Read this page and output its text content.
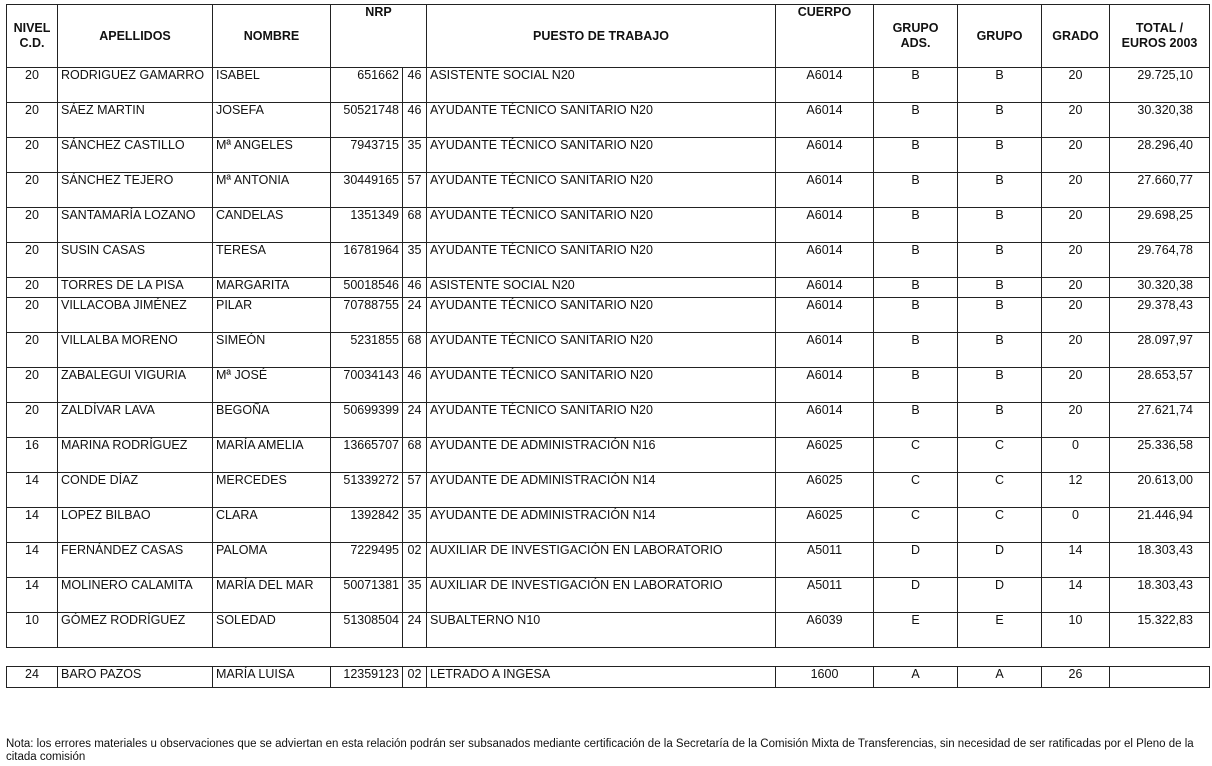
NIVEL C.D.	APELLIDOS	NOMBRE	NRP		PUESTO DE TRABAJO	CUERPO	GRUPO ADS.	GRUPO	GRADO	TOTAL / EUROS 2003
20	RODRIGUEZ GAMARRO	ISABEL	651662	46	ASISTENTE SOCIAL N20	A6014	B	B	20	29.725,10
20	SÁEZ MARTIN	JOSEFA	50521748	46	AYUDANTE TÉCNICO SANITARIO N20	A6014	B	B	20	30.320,38
20	SÁNCHEZ CASTILLO	Mª ANGELES	7943715	35	AYUDANTE TÉCNICO SANITARIO N20	A6014	B	B	20	28.296,40
20	SÁNCHEZ TEJERO	Mª ANTONIA	30449165	57	AYUDANTE TÉCNICO SANITARIO N20	A6014	B	B	20	27.660,77
20	SANTAMARÍA LOZANO	CANDELAS	1351349	68	AYUDANTE TÉCNICO SANITARIO N20	A6014	B	B	20	29.698,25
20	SUSIN CASAS	TERESA	16781964	35	AYUDANTE TÉCNICO SANITARIO N20	A6014	B	B	20	29.764,78
20	TORRES DE LA PISA	MARGARITA	50018546	46	ASISTENTE SOCIAL N20	A6014	B	B	20	30.320,38
20	VILLACOBA JIMÉNEZ	PILAR	70788755	24	AYUDANTE TÉCNICO SANITARIO N20	A6014	B	B	20	29.378,43
20	VILLALBA MORENO	SIMEÓN	5231855	68	AYUDANTE TÉCNICO SANITARIO N20	A6014	B	B	20	28.097,97
20	ZABALEGUI VIGURIA	Mª JOSÉ	70034143	46	AYUDANTE TÉCNICO SANITARIO N20	A6014	B	B	20	28.653,57
20	ZALDÍVAR LAVA	BEGOÑA	50699399	24	AYUDANTE TÉCNICO SANITARIO N20	A6014	B	B	20	27.621,74
16	MARINA RODRÍGUEZ	MARÍA AMELIA	13665707	68	AYUDANTE DE ADMINISTRACIÓN N16	A6025	C	C	0	25.336,58
14	CONDE DÍAZ	MERCEDES	51339272	57	AYUDANTE DE ADMINISTRACIÓN N14	A6025	C	C	12	20.613,00
14	LOPEZ BILBAO	CLARA	1392842	35	AYUDANTE DE ADMINISTRACIÓN N14	A6025	C	C	0	21.446,94
14	FERNÁNDEZ CASAS	PALOMA	7229495	02	AUXILIAR DE INVESTIGACIÓN EN LABORATORIO	A5011	D	D	14	18.303,43
14	MOLINERO CALAMITA	MARÍA DEL MAR	50071381	35	AUXILIAR DE INVESTIGACIÓN EN LABORATORIO	A5011	D	D	14	18.303,43
10	GÓMEZ RODRÍGUEZ	SOLEDAD	51308504	24	SUBALTERNO N10	A6039	E	E	10	15.322,83
24	BARO PAZOS	MARÍA LUISA	12359123	02	LETRADO A INGESA	1600	A	A	26	
Nota: los errores materiales u observaciones que se adviertan en esta relación podrán ser subsanados mediante certificación de la Secretaría de la Comisión Mixta de Transferencias, sin necesidad de ser ratificadas por el Pleno de la citada comisión
